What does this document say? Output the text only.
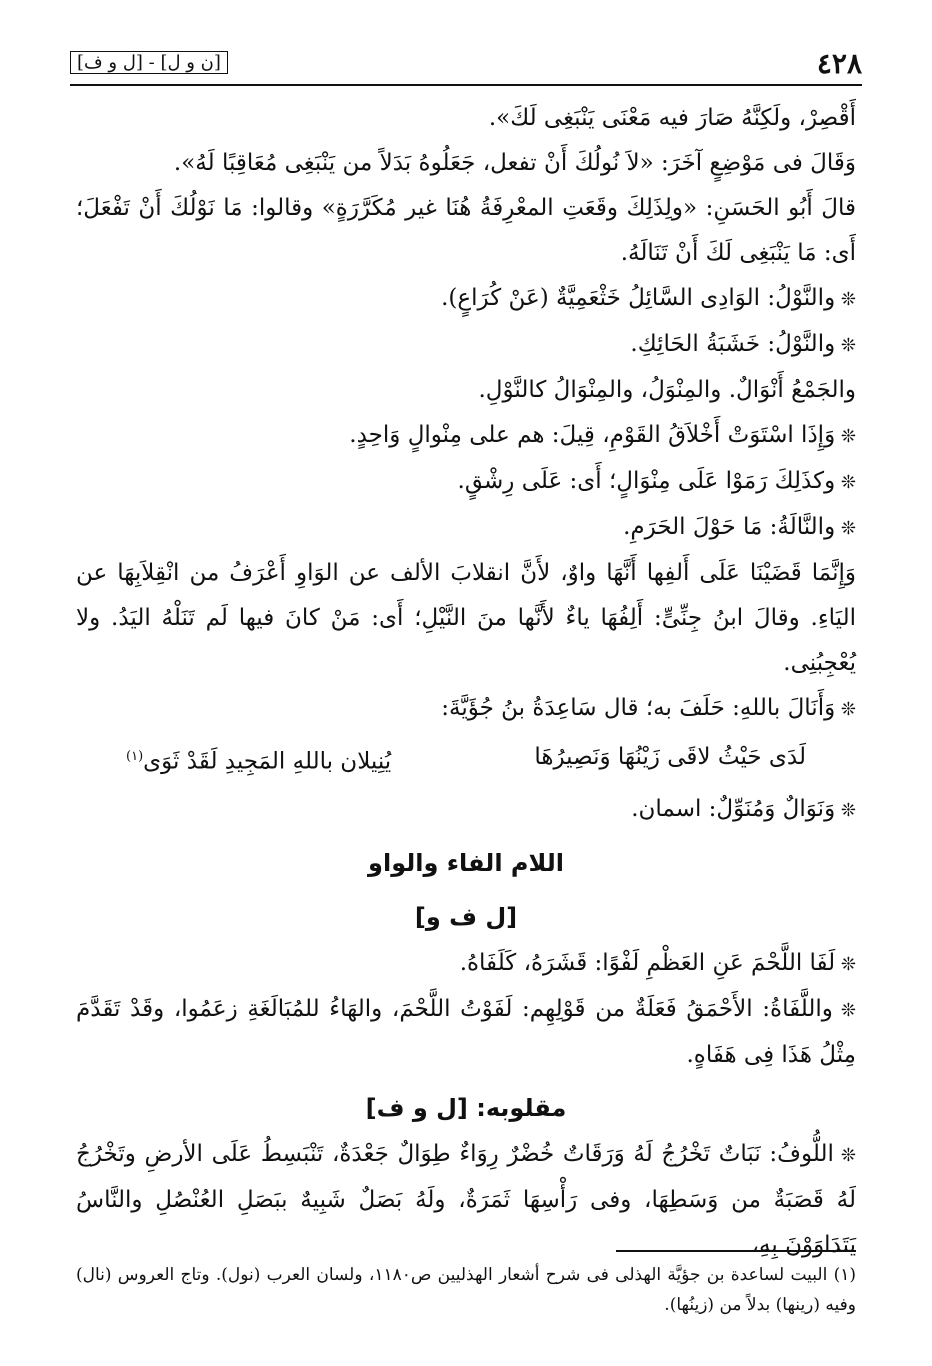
٤٢٨
[ن و ل] - [ل و ف]

أَقْصِرْ، ولَكِنَّهُ صَارَ فيه مَعْنَى يَنْبَغِى لَكَ».

وَقَالَ فى مَوْضِعٍ آخَرَ: «لاَ نُولُكَ أَنْ تفعل، جَعَلُوهُ بَدَلاً من يَنْبَغِى مُعَاقِبًا لَهُ».

قالَ أَبُو الحَسَنِ: «ولِذَلِكَ وقَعَتِ المعْرِفَةُ هُنَا غير مُكَرَّرَةٍ» وقالوا: مَا نَوْلُكَ أَنْ تَفْعَلَ؛ أَى: مَا يَنْبَغِى لَكَ أَنْ تَنَالَهُ.

❊ والنَّوْلُ: الوَادِى السَّائِلُ خَثْعَمِيَّةٌ (عَنْ كُرَاعٍ).

❊ والنَّوْلُ: خَشَبَةُ الحَائِكِ.

والجَمْعُ أَنْوَالٌ. والمِنْوَلُ، والمِنْوَالُ كالنَّوْلِ.

❊ وَإِذَا اسْتَوَتْ أَخْلاَقُ القَوْمِ، قِيلَ: هم على مِنْوالٍ وَاحِدٍ.

❊ وكذَلِكَ رَمَوْا عَلَى مِنْوَالٍ؛ أَى: عَلَى رِشْقٍ.

❊ والنَّالَةُ: مَا حَوْلَ الحَرَمِ.

وَإِنَّمَا قَضَيْنَا عَلَى أَلفِها أَنَّهَا واوٌ، لأَنَّ انقلابَ الألف عن الوَاوِ أَعْرَفُ من انْقِلاَبِهَا عن اليَاءِ. وقالَ ابنُ جِنِّىٍّ: أَلِفُهَا ياءٌ لأَنَّها منَ النَّيْلِ؛ أَى: مَنْ كانَ فيها لَم تَنَلْهُ اليَدُ. ولا يُعْجِبُنِى.

❊ وَأَنَالَ باللهِ: حَلَفَ به؛ قال سَاعِدَةُ بنُ جُؤَيَّةَ:

لَدَى حَيْثُ لاقَى زَيْنُهَا وَنَصِيرُهَا
يُنِيلان باللهِ المَجِيدِ لَقَدْ ثَوَى$^{(١)}$

❊ وَنَوَالٌ وَمُنَوِّلٌ: اسمان.

اللام الفاء والواو
[ل ف و]

❊ لَفَا اللَّحْمَ عَنِ العَظْمِ لَفْوًا: قَشَرَهُ، كَلَفَاهُ.

❊ واللَّفَاةُ: الأَحْمَقُ فَعَلَةٌ من قَوْلِهِم: لَفَوْتُ اللَّحْمَ، والهَاءُ للمُبَالَغَةِ زعَمُوا، وقَدْ تَقَدَّمَ مِثْلُ هَذَا فِى هَفَاهٍ.

مقلوبه: [ل و ف]

❊ اللُّوفُ: نَبَاتٌ تَخْرُجُ لَهُ وَرَقَاتٌ خُضْرٌ رِوَاءٌ طِوَالٌ جَعْدَةٌ، تَنْبَسِطُ عَلَى الأرضِ وتَخْرُجُ لَهُ قَصَبَةٌ من وَسَطِهَا، وفى رَأْسِهَا ثَمَرَةٌ، ولَهُ بَصَلٌ شَبِيهٌ ببَصَلِ العُنْصُلِ والنَّاسُ يَتَدَاوَوْنَ بِهِ،

(١) البيت لساعدة بن جؤيَّة الهذلى فى شرح أشعار الهذليين ص١١٨٠، ولسان العرب (نول). وتاج العروس (نال) وفيه (رينها) بدلاً من (زينُها).
